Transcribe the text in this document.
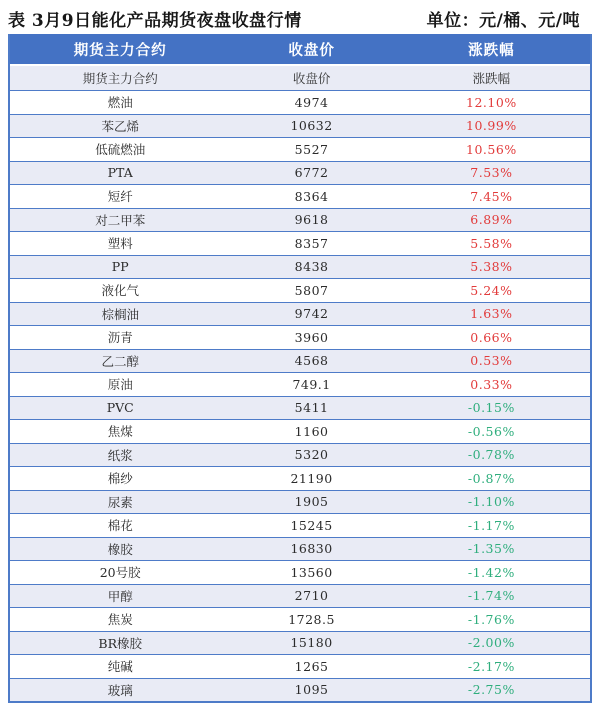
表 3月9日能化产品期货夜盘收盘行情	单位：元/桶、元/吨
期货主力合约	收盘价	涨跌幅
期货主力合约	收盘价	涨跌幅
燃油	4974	12.10%
苯乙烯	10632	10.99%
低硫燃油	5527	10.56%
PTA	6772	7.53%
短纤	8364	7.45%
对二甲苯	9618	6.89%
塑料	8357	5.58%
PP	8438	5.38%
液化气	5807	5.24%
棕榈油	9742	1.63%
沥青	3960	0.66%
乙二醇	4568	0.53%
原油	749.1	0.33%
PVC	5411	-0.15%
焦煤	1160	-0.56%
纸浆	5320	-0.78%
棉纱	21190	-0.87%
尿素	1905	-1.10%
棉花	15245	-1.17%
橡胶	16830	-1.35%
20号胶	13560	-1.42%
甲醇	2710	-1.74%
焦炭	1728.5	-1.76%
BR橡胶	15180	-2.00%
纯碱	1265	-2.17%
玻璃	1095	-2.75%
